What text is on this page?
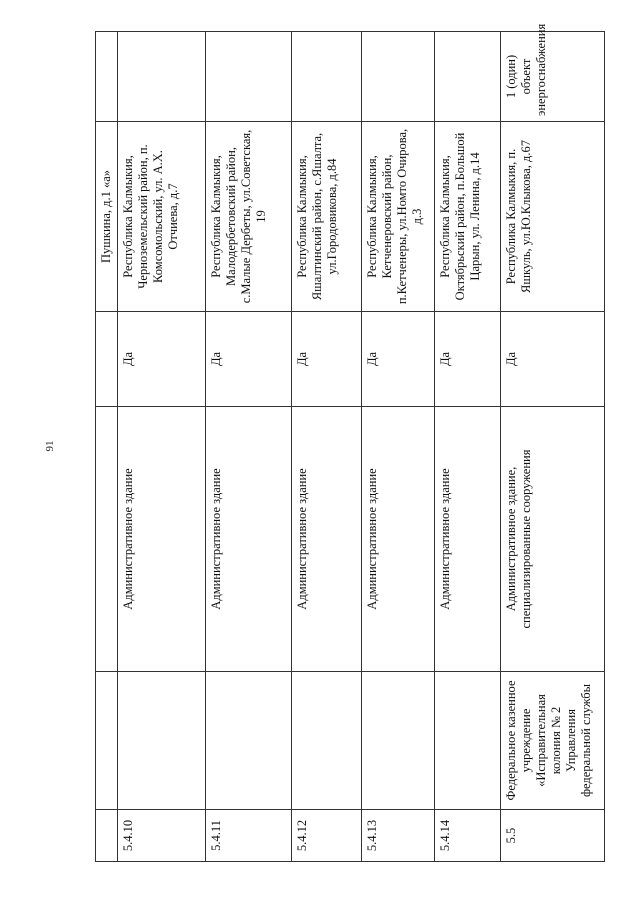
91
				Пушкина, д.1 «а»	
5.4.10		Административное здание	Да	Республика Калмыкия, Черноземельский район, п. Комсомольский, ул. А.Х. Отчиева, д.7	
5.4.11		Административное здание	Да	Республика Калмыкия, Малодербетовский район, с.Малые Дербеты, ул.Советская, 19	
5.4.12		Административное здание	Да	Республика Калмыкия, Яшалтинский район, с.Яшалта, ул.Городовикова, д.84	
5.4.13		Административное здание	Да	Республика Калмыкия, Кетченеровский район, п.Кетченеры, ул.Номто Очирова, д.3	
5.4.14		Административное здание	Да	Республика Калмыкия, Октябрьский район, п.Большой Царын, ул. Ленина, д.14	
5.5	Федеральное казенное учреждение «Исправительная колония № 2 Управления федеральной службы	Административное здание, специализированные сооружения	Да	Республика Калмыкия, п. Яшкуль, ул.Ю.Клыкова, д.67	1 (один) объект энергоснабжения
